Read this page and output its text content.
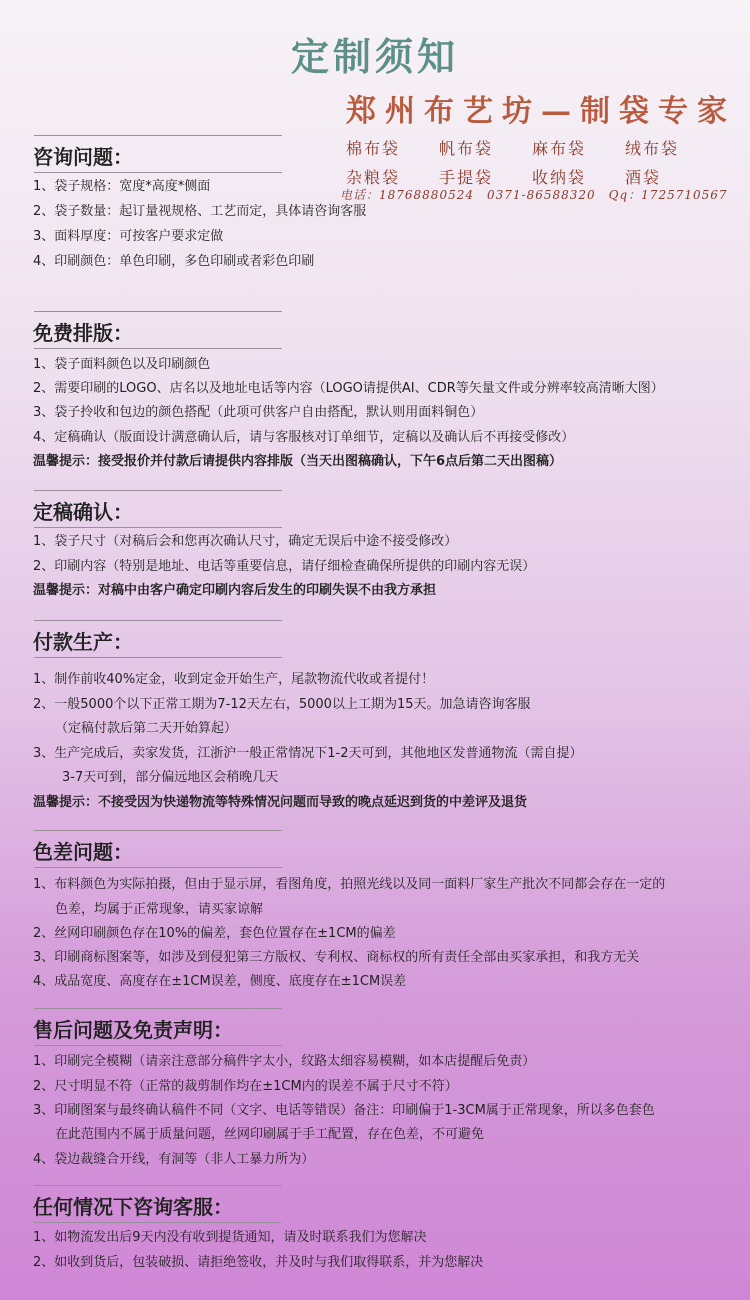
定制须知
郑州布艺坊—制袋专家
棉布袋	帆布袋	麻布袋	绒布袋
杂粮袋	手提袋	收纳袋	酒袋
电话：18768880524　0371-86588320　Qq：1725710567
咨询问题：
1、袋子规格：宽度*高度*侧面
2、袋子数量：起订量视规格、工艺而定，具体请咨询客服
3、面料厚度：可按客户要求定做
4、印刷颜色：单色印刷，多色印刷或者彩色印刷
免费排版：
1、袋子面料颜色以及印刷颜色
2、需要印刷的LOGO、店名以及地址电话等内容（LOGO请提供AI、CDR等矢量文件或分辨率较高清晰大图）
3、袋子拎收和包边的颜色搭配（此项可供客户自由搭配，默认则用面料铜色）
4、定稿确认（版面设计满意确认后，请与客服核对订单细节，定稿以及确认后不再接受修改）
温馨提示：接受报价并付款后请提供内容排版（当天出图稿确认，下午6点后第二天出图稿）
定稿确认：
1、袋子尺寸（对稿后会和您再次确认尺寸，确定无误后中途不接受修改）
2、印刷内容（特别是地址、电话等重要信息，请仔细检查确保所提供的印刷内容无误）
温馨提示：对稿中由客户确定印刷内容后发生的印刷失误不由我方承担
付款生产：
1、制作前收40%定金，收到定金开始生产，尾款物流代收或者提付！
2、一般5000个以下正常工期为7-12天左右，5000以上工期为15天。加急请咨询客服
（定稿付款后第二天开始算起）
3、生产完成后，卖家发货，江浙沪一般正常情况下1-2天可到，其他地区发普通物流（需自提）
3-7天可到，部分偏远地区会稍晚几天
温馨提示：不接受因为快递物流等特殊情况问题而导致的晚点延迟到货的中差评及退货
色差问题：
1、布料颜色为实际拍摄，但由于显示屏，看图角度，拍照光线以及同一面料厂家生产批次不同都会存在一定的
色差，均属于正常现象，请买家谅解
2、丝网印刷颜色存在10%的偏差，套色位置存在±1CM的偏差
3、印刷商标图案等，如涉及到侵犯第三方版权、专利权、商标权的所有责任全部由买家承担，和我方无关
4、成品宽度、高度存在±1CM误差，侧度、底度存在±1CM误差
售后问题及免责声明：
1、印刷完全模糊（请亲注意部分稿件字太小，纹路太细容易模糊，如本店提醒后免责）
2、尺寸明显不符（正常的裁剪制作均在±1CM内的误差不属于尺寸不符）
3、印刷图案与最终确认稿件不同（文字、电话等错误）备注：印刷偏于1-3CM属于正常现象，所以多色套色
在此范围内不属于质量问题，丝网印刷属于手工配置，存在色差，不可避免
4、袋边裁缝合开线，有洞等（非人工暴力所为）
任何情况下咨询客服：
1、如物流发出后9天内没有收到提货通知，请及时联系我们为您解决
2、如收到货后，包装破损、请拒绝签收，并及时与我们取得联系，并为您解决
